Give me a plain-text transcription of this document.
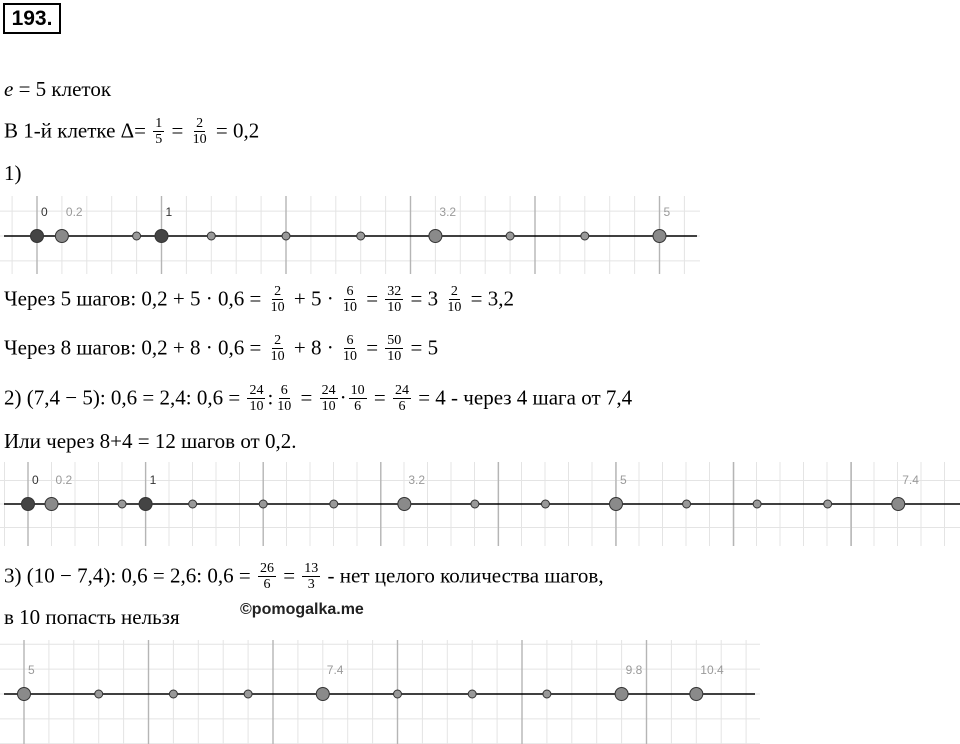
193.
e = 5 клеток
В 1-й клетке $\Delta= \frac{1}{5} = \frac{2}{10} = 0,2$
1)
0 0.2	1	3.2	5
Через 5 шагов: $0,2 + 5 \cdot 0,6 = \frac{2}{10} + 5 \cdot \frac{6}{10} = \frac{32}{10} = 3 \frac{2}{10} = 3,2$
Через 8 шагов: $0,2 + 8 \cdot 0,6 = \frac{2}{10} + 8 \cdot \frac{6}{10} = \frac{50}{10} = 5$
2) (7,4 − 5): 0,6 = 2,4: $0,6 = \frac{24}{10}$ : $\frac{6}{10} = \frac{24}{10} \cdot \frac{10}{6} = \frac{24}{6} = 4$ - через 4 шага от 7,4
Или через 8+4 = 12 шагов от 0,2.
0 0.2	1	3.2	5	7.4
3) (10 − 7,4): 0,6 = 2,6: $0,6 = \frac{26}{6} = \frac{13}{3}$ - нет целого количества шагов,
в 10 попасть нельзя	©pomogalka.me
5	7.4	9.8	10.4
